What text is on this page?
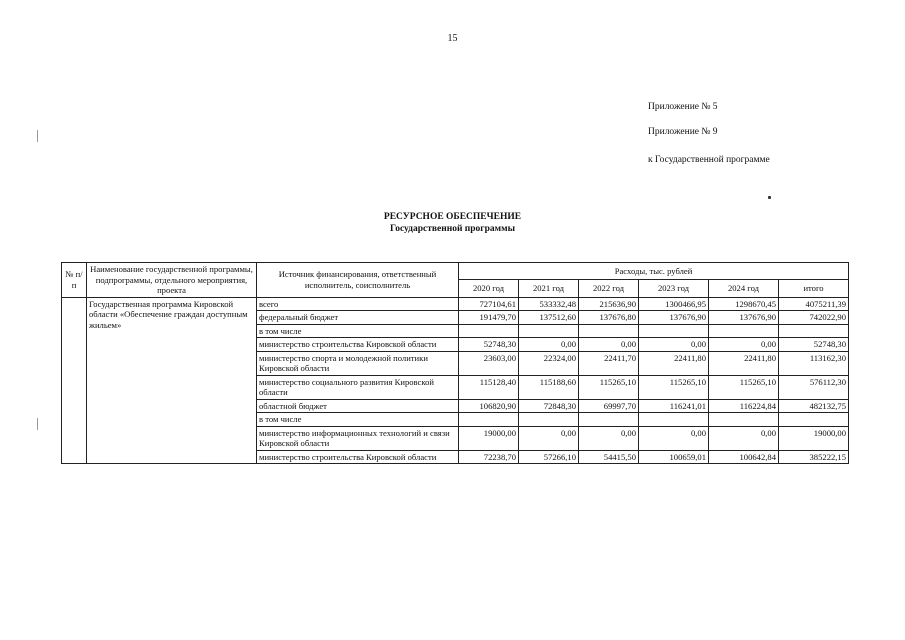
15
Приложение № 5
Приложение № 9
к Государственной программе
РЕСУРСНОЕ ОБЕСПЕЧЕНИЕ
Государственной программы
№ п/п	Наименование государственной программы, подпрограммы, отдельного мероприятия, проекта	Источник финансирования, ответственный исполнитель, соисполнитель	Расходы, тыс. рублей					
			2020 год	2021 год	2022 год	2023 год	2024 год	итого
	Государственная программа Кировской области «Обеспечение граждан доступным жильем»	всего	727104,61	533332,48	215636,90	1300466,95	1298670,45	4075211,39
		федеральный бюджет	191479,70	137512,60	137676,80	137676,90	137676,90	742022,90
		в том числе						
		министерство строительства Кировской области	52748,30	0,00	0,00	0,00	0,00	52748,30
		министерство спорта и молодежной политики Кировской области	23603,00	22324,00	22411,70	22411,80	22411,80	113162,30
		министерство социального развития Кировской области	115128,40	115188,60	115265,10	115265,10	115265,10	576112,30
		областной бюджет	106820,90	72848,30	69997,70	116241,01	116224,84	482132,75
		в том числе						
		министерство информационных технологий и связи Кировской области	19000,00	0,00	0,00	0,00	0,00	19000,00
		министерство строительства Кировской области	72238,70	57266,10	54415,50	100659,01	100642,84	385222,15
